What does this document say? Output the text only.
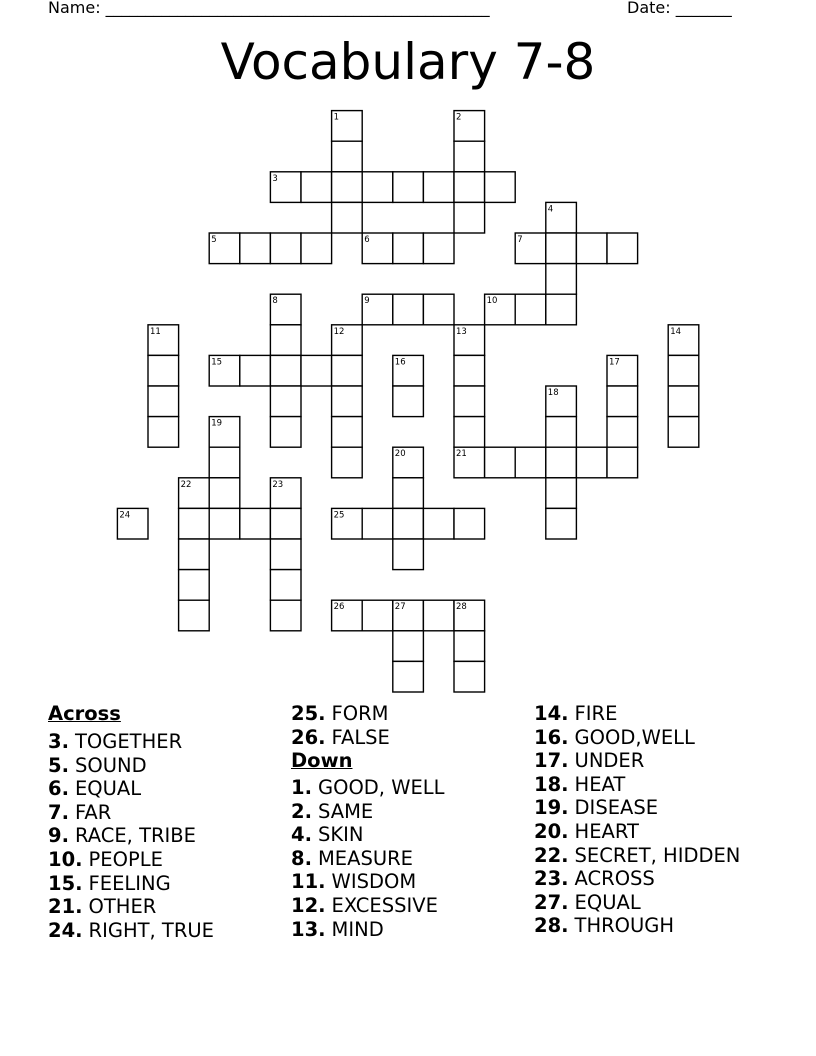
Name: ________________________________________________	Date: _______
Vocabulary 7-8
1	2
3
4
5	6	7
8	9	10
11	12	13	14
15	16	17
18
19
20	21
22	23
24	25
26	27	28
Across
3. TOGETHER
5. SOUND
6. EQUAL
7. FAR
9. RACE, TRIBE
10. PEOPLE
15. FEELING
21. OTHER
24. RIGHT, TRUE
25. FORM
26. FALSE
Down
1. GOOD, WELL
2. SAME
4. SKIN
8. MEASURE
11. WISDOM
12. EXCESSIVE
13. MIND
14. FIRE
16. GOOD,WELL
17. UNDER
18. HEAT
19. DISEASE
20. HEART
22. SECRET, HIDDEN
23. ACROSS
27. EQUAL
28. THROUGH
